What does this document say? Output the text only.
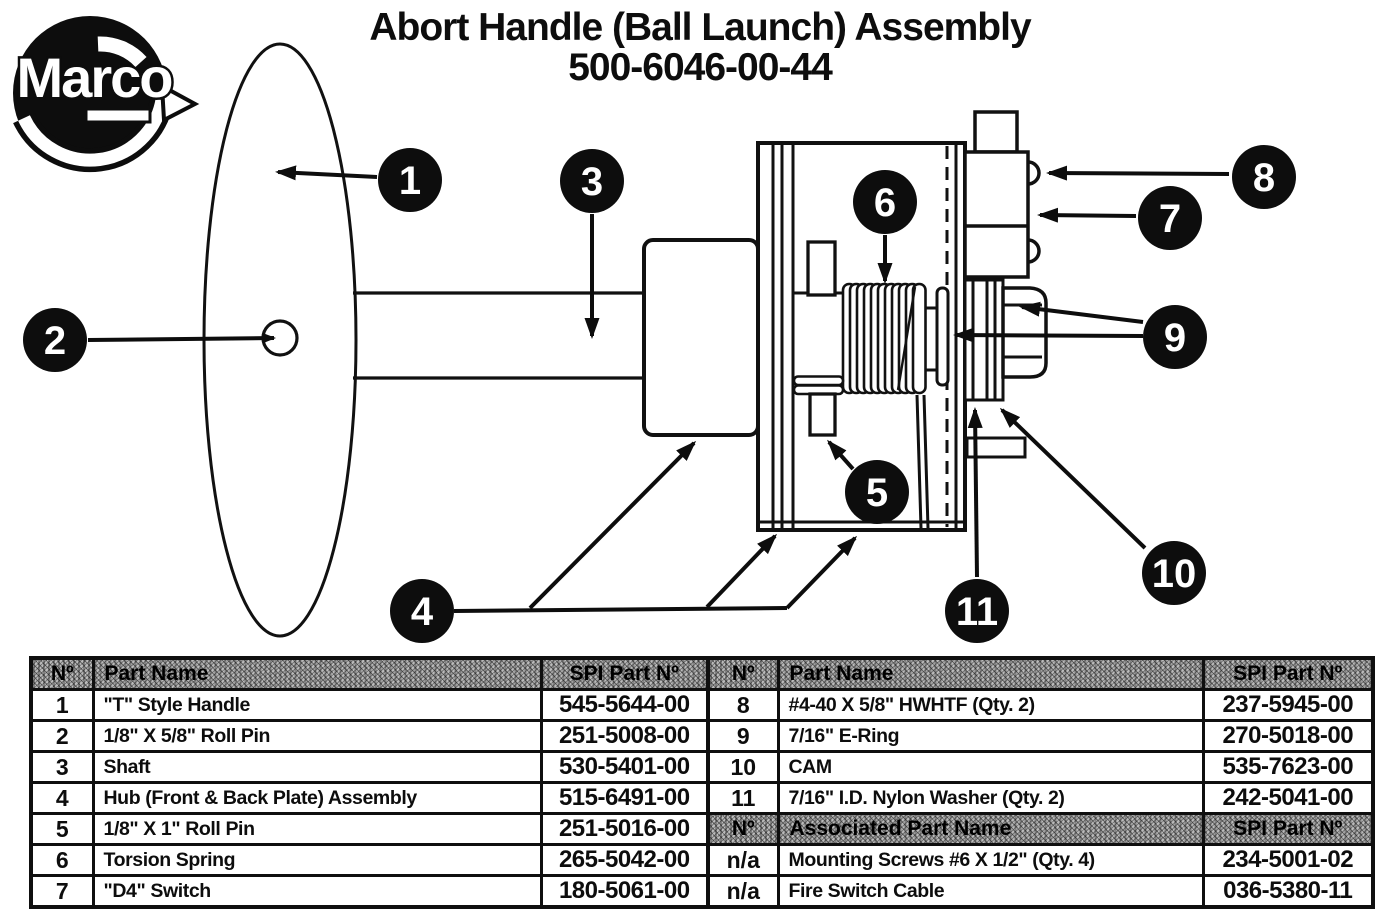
Abort Handle (Ball Launch) Assembly
500-6046-00-44
Marco
1
2
3
4
5
6	7
8
9
10
11
Nº	Part Name	SPI Part Nº
1	"T" Style Handle	545-5644-00
2	1/8" X 5/8" Roll Pin	251-5008-00
3	Shaft	530-5401-00
4	Hub (Front & Back Plate) Assembly	515-6491-00
5	1/8" X 1" Roll Pin	251-5016-00
6	Torsion Spring	265-5042-00
7	"D4" Switch	180-5061-00
Nº	Part Name	SPI Part Nº
8	#4-40 X 5/8" HWHTF (Qty. 2)	237-5945-00
9	7/16" E-Ring	270-5018-00
10	CAM	535-7623-00
11	7/16" I.D. Nylon Washer (Qty. 2)	242-5041-00
Nº	Associated Part Name	SPI Part Nº
n/a	Mounting Screws #6 X 1/2" (Qty. 4)	234-5001-02
n/a	Fire Switch Cable	036-5380-11
